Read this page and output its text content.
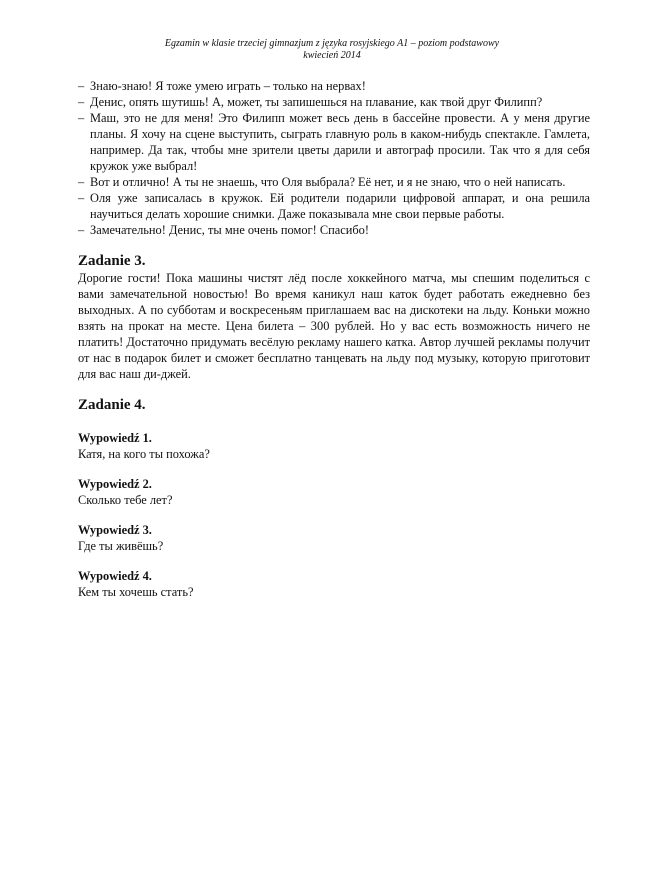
Egzamin w klasie trzeciej gimnazjum z języka rosyjskiego A1 – poziom podstawowy
kwiecień 2014
– Знаю-знаю! Я тоже умею играть – только на нервах!
– Денис, опять шутишь! А, может, ты запишешься на плавание, как твой друг Филипп?
– Маш, это не для меня! Это Филипп может весь день в бассейне провести. А у меня другие планы. Я хочу на сцене выступить, сыграть главную роль в каком-нибудь спектакле. Гамлета, например. Да так, чтобы мне зрители цветы дарили и автограф просили. Так что я для себя кружок уже выбрал!
– Вот и отлично! А ты не знаешь, что Оля выбрала? Её нет, и я не знаю, что о ней написать.
– Оля уже записалась в кружок. Ей родители подарили цифровой аппарат, и она решила научиться делать хорошие снимки. Даже показывала мне свои первые работы.
– Замечательно! Денис, ты мне очень помог! Спасибо!
Zadanie 3.

Дорогие гости! Пока машины чистят лёд после хоккейного матча, мы спешим поделиться с вами замечательной новостью! Во время каникул наш каток будет работать ежедневно без выходных. А по субботам и воскресеньям приглашаем вас на дискотеки на льду. Коньки можно взять на прокат на месте. Цена билета – 300 рублей. Но у вас есть возможность ничего не платить! Достаточно придумать весёлую рекламу нашего катка. Автор лучшей рекламы получит от нас в подарок билет и сможет бесплатно танцевать на льду под музыку, которую приготовит для вас наш ди-джей.

Zadanie 4.

Wypowiedź 1.

Катя, на кого ты похожа?

Wypowiedź 2.

Сколько тебе лет?

Wypowiedź 3.

Где ты живёшь?

Wypowiedź 4.

Кем ты хочешь стать?
